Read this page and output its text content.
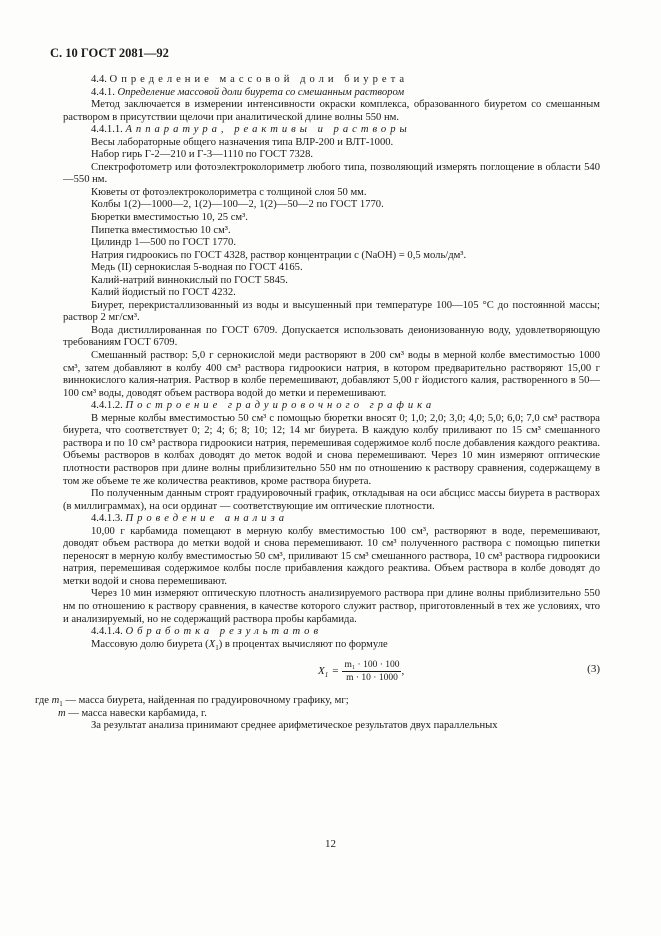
С. 10 ГОСТ 2081—92

4.4. Определение массовой доли биурета

4.4.1. Определение массовой доли биурета со смешанным раствором

Метод заключается в измерении интенсивности окраски комплекса, образованного биуретом со смешанным раствором в присутствии щелочи при аналитической длине волны 550 нм.

4.4.1.1. Аппаратура, реактивы и растворы

Весы лабораторные общего назначения типа ВЛР-200 и ВЛТ-1000.

Набор гирь Г-2—210 и Г-3—1110 по ГОСТ 7328.

Спектрофотометр или фотоэлектроколориметр любого типа, позволяющий измерять поглощение в области 540—550 нм.

Кюветы от фотоэлектроколориметра с толщиной слоя 50 мм.

Колбы 1(2)—1000—2, 1(2)—100—2, 1(2)—50—2 по ГОСТ 1770.

Бюретки вместимостью 10, 25 см³.

Пипетка вместимостью 10 см³.

Цилиндр 1—500 по ГОСТ 1770.

Натрия гидроокись по ГОСТ 4328, раствор концентрации с (NaOH) = 0,5 моль/дм³.

Медь (II) сернокислая 5-водная по ГОСТ 4165.

Калий-натрий виннокислый по ГОСТ 5845.

Калий йодистый по ГОСТ 4232.

Биурет, перекристаллизованный из воды и высушенный при температуре 100—105 °С до постоянной массы; раствор 2 мг/см³.

Вода дистиллированная по ГОСТ 6709. Допускается использовать деионизованную воду, удовлетворяющую требованиям ГОСТ 6709.

Смешанный раствор: 5,0 г сернокислой меди растворяют в 200 см³ воды в мерной колбе вместимостью 1000 см³, затем добавляют в колбу 400 см³ раствора гидроокиси натрия, в котором предварительно растворяют 15,00 г виннокислого калия-натрия. Раствор в колбе перемешивают, добавляют 5,00 г йодистого калия, растворенного в 50—100 см³ воды, доводят объем раствора водой до метки и перемешивают.

4.4.1.2. Построение градуировочного графика

В мерные колбы вместимостью 50 см³ с помощью бюретки вносят 0; 1,0; 2,0; 3,0; 4,0; 5,0; 6,0; 7,0 см³ раствора биурета, что соответствует 0; 2; 4; 6; 8; 10; 12; 14 мг биурета. В каждую колбу приливают по 15 см³ смешанного раствора и по 10 см³ раствора гидроокиси натрия, перемешивая содержимое колб после добавления каждого реактива. Объемы растворов в колбах доводят до меток водой и снова перемешивают. Через 10 мин измеряют оптические плотности растворов при длине волны приблизительно 550 нм по отношению к раствору сравнения, содержащему в том же объеме те же количества реактивов, кроме раствора биурета.

По полученным данным строят градуировочный график, откладывая на оси абсцисс массы биурета в растворах (в миллиграммах), на оси ординат — соответствующие им оптические плотности.

4.4.1.3. Проведение анализа

10,00 г карбамида помещают в мерную колбу вместимостью 100 см³, растворяют в воде, перемешивают, доводят объем раствора до метки водой и снова перемешивают. 10 см³ полученного раствора с помощью пипетки переносят в мерную колбу вместимостью 50 см³, приливают 15 см³ смешанного раствора, 10 см³ раствора гидроокиси натрия, перемешивая содержимое колбы после прибавления каждого реактива. Объем раствора в колбе доводят до метки водой и снова перемешивают.

Через 10 мин измеряют оптическую плотность анализируемого раствора при длине волны приблизительно 550 нм по отношению к раствору сравнения, в качестве которого служит раствор, приготовленный в тех же условиях, что и анализируемый, но не содержащий раствора пробы карбамида.

4.4.1.4. Обработка результатов

Массовую долю биурета $(X_1)$ в процентах вычисляют по формуле

$X_1 = \frac{\text{m₁ · 100 · 100}}{m \cdot 10 \cdot 1000}$ ,	(3)

где $m_1$ — масса биурета, найденная по градуировочному графику, мг;

m — масса навески карбамида, г.

За результат анализа принимают среднее арифметическое результатов двух параллельных

12
